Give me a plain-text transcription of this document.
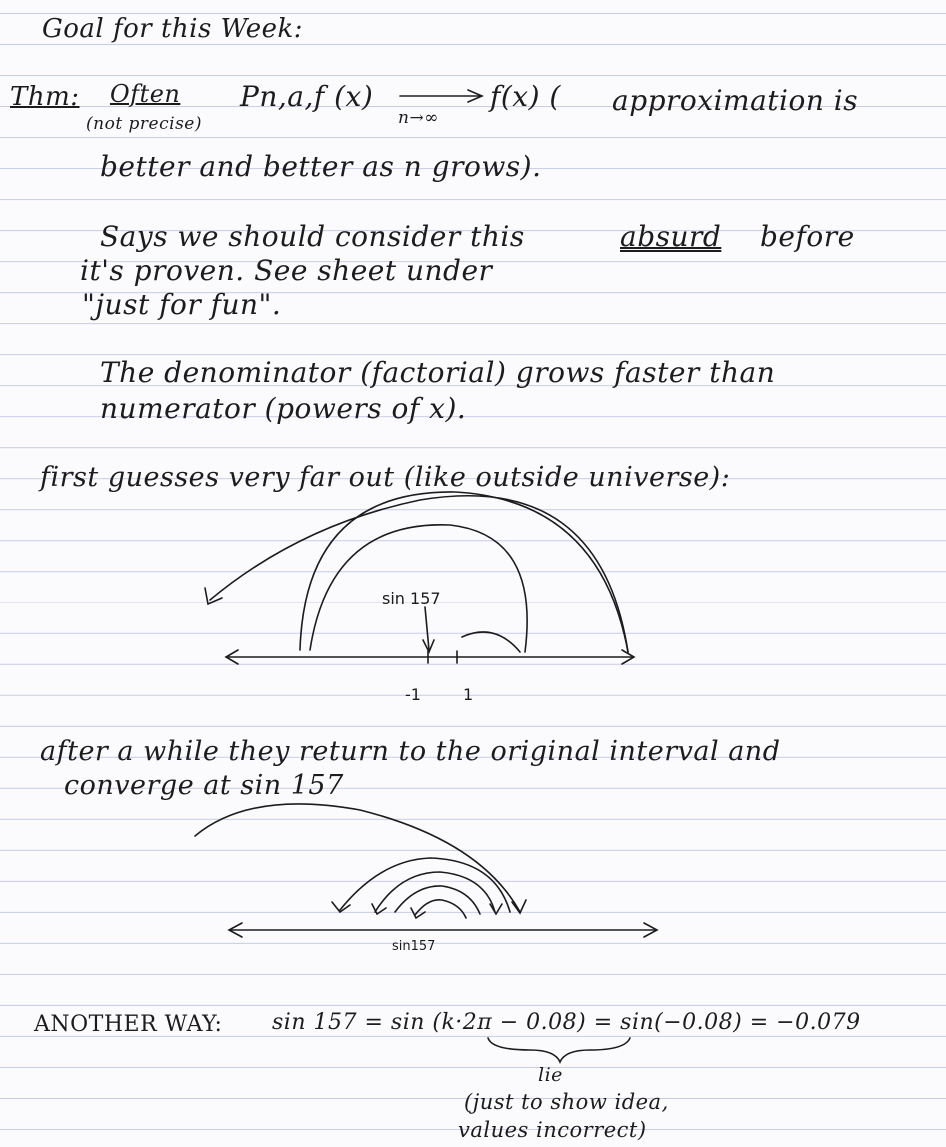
Goal for this Week:
Thm: Often
(not precise)
Pn,a,f (x)
n→∞
f(x) ( approximation is
better and better as n grows).
Says we should consider this	absurd before
it's proven. See sheet under
"just for fun".
The denominator (factorial) grows faster than
numerator (powers of x).
first guesses very far out (like outside universe):
after a while they return to the original interval and
converge at sin 157
ANOTHER WAY: sin 157 = sin (k·2π − 0.08) = sin(−0.08) = −0.079
lie
(just to show idea,
values incorrect)
sin 157
-1	1
sin157
